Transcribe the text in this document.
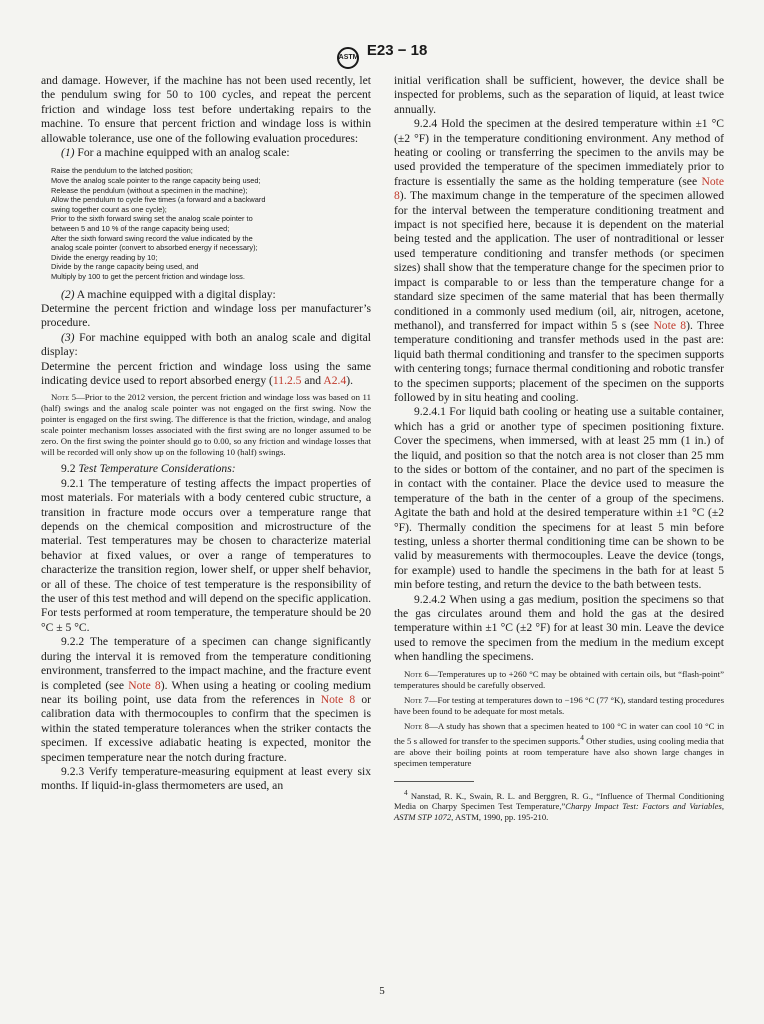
ASTM E23 − 18

and damage. However, if the machine has not been used recently, let the pendulum swing for 50 to 100 cycles, and repeat the percent friction and windage loss test before undertaking repairs to the machine. To ensure that percent friction and windage loss is within allowable tolerance, use one of the following evaluation procedures:

(1) For a machine equipped with an analog scale:

Raise the pendulum to the latched position;
Move the analog scale pointer to the range capacity being used;
Release the pendulum (without a specimen in the machine);
Allow the pendulum to cycle five times (a forward and a backward
swing together count as one cycle);
Prior to the sixth forward swing set the analog scale pointer to
between 5 and 10 % of the range capacity being used;
After the sixth forward swing record the value indicated by the
analog scale pointer (convert to absorbed energy if necessary);
Divide the energy reading by 10;
Divide by the range capacity being used, and
Multiply by 100 to get the percent friction and windage loss.

(2) A machine equipped with a digital display:

Determine the percent friction and windage loss per manufacturer’s procedure.

(3) For machine equipped with both an analog scale and digital display:

Determine the percent friction and windage loss using the same indicating device used to report absorbed energy (11.2.5 and A2.4).

Note 5—Prior to the 2012 version, the percent friction and windage loss was based on 11 (half) swings and the analog scale pointer was not engaged on the first swing. Now the pointer is engaged on the first swing. The difference is that the friction, windage, and analog scale pointer mechanism losses associated with the first swing are no longer assumed to be zero. On the first swing the pointer should go to 0.00, so any friction and windage losses that will be recorded will only show up on the following 10 (half) swings.

9.2 Test Temperature Considerations:

9.2.1 The temperature of testing affects the impact properties of most materials. For materials with a body centered cubic structure, a transition in fracture mode occurs over a temperature range that depends on the chemical composition and microstructure of the material. Test temperatures may be chosen to characterize material behavior at fixed values, or over a range of temperatures to characterize the transition region, lower shelf, or upper shelf behavior, or all of these. The choice of test temperature is the responsibility of the user of this test method and will depend on the specific application. For tests performed at room temperature, the temperature should be 20 °C ± 5 °C.

9.2.2 The temperature of a specimen can change significantly during the interval it is removed from the temperature conditioning environment, transferred to the impact machine, and the fracture event is completed (see Note 8). When using a heating or cooling medium near its boiling point, use data from the references in Note 8 or calibration data with thermocouples to confirm that the specimen is within the stated temperature tolerances when the striker contacts the specimen. If excessive adiabatic heating is expected, monitor the specimen temperature near the notch during fracture.

9.2.3 Verify temperature-measuring equipment at least every six months. If liquid-in-glass thermometers are used, an

initial verification shall be sufficient, however, the device shall be inspected for problems, such as the separation of liquid, at least twice annually.

9.2.4 Hold the specimen at the desired temperature within ±1 °C (±2 °F) in the temperature conditioning environment. Any method of heating or cooling or transferring the specimen to the anvils may be used provided the temperature of the specimen immediately prior to fracture is essentially the same as the holding temperature (see Note 8). The maximum change in the temperature of the specimen allowed for the interval between the temperature conditioning treatment and impact is not specified here, because it is dependent on the material being tested and the application. The user of nontraditional or lesser used temperature conditioning and transfer methods (or specimen sizes) shall show that the temperature change for the specimen prior to impact is comparable to or less than the temperature change for a standard size specimen of the same material that has been thermally conditioned in a commonly used medium (oil, air, nitrogen, acetone, methanol), and transferred for impact within 5 s (see Note 8). Three temperature conditioning and transfer methods used in the past are: liquid bath thermal conditioning and transfer to the specimen supports with centering tongs; furnace thermal conditioning and robotic transfer to the specimen supports; placement of the specimen on the supports followed by in situ heating and cooling.

9.2.4.1 For liquid bath cooling or heating use a suitable container, which has a grid or another type of specimen positioning fixture. Cover the specimens, when immersed, with at least 25 mm (1 in.) of the liquid, and position so that the notch area is not closer than 25 mm to the sides or bottom of the container, and no part of the specimen is in contact with the container. Place the device used to measure the temperature of the bath in the center of a group of the specimens. Agitate the bath and hold at the desired temperature within ±1 °C (±2 °F). Thermally condition the specimens for at least 5 min before testing, unless a shorter thermal conditioning time can be shown to be valid by measurements with thermocouples. Leave the device (tongs, for example) used to handle the specimens in the bath for at least 5 min before testing, and return the device to the bath between tests.

9.2.4.2 When using a gas medium, position the specimens so that the gas circulates around them and hold the gas at the desired temperature within ±1 °C (±2 °F) for at least 30 min. Leave the device used to remove the specimen from the medium in the medium except when handling the specimens.

Note 6—Temperatures up to +260 °C may be obtained with certain oils, but “flash-point” temperatures should be carefully observed.

Note 7—For testing at temperatures down to −196 °C (77 °K), standard testing procedures have been found to be adequate for most metals.

Note 8—A study has shown that a specimen heated to 100 °C in water can cool 10 °C in the 5 s allowed for transfer to the specimen supports.$^4$ Other studies, using cooling media that are above their boiling points at room temperature have also shown large changes in specimen temperature

$^4$ Nanstad, R. K., Swain, R. L. and Berggren, R. G., “Influence of Thermal Conditioning Media on Charpy Specimen Test Temperature,”Charpy Impact Test: Factors and Variables, ASTM STP 1072, ASTM, 1990, pp. 195-210.

5
